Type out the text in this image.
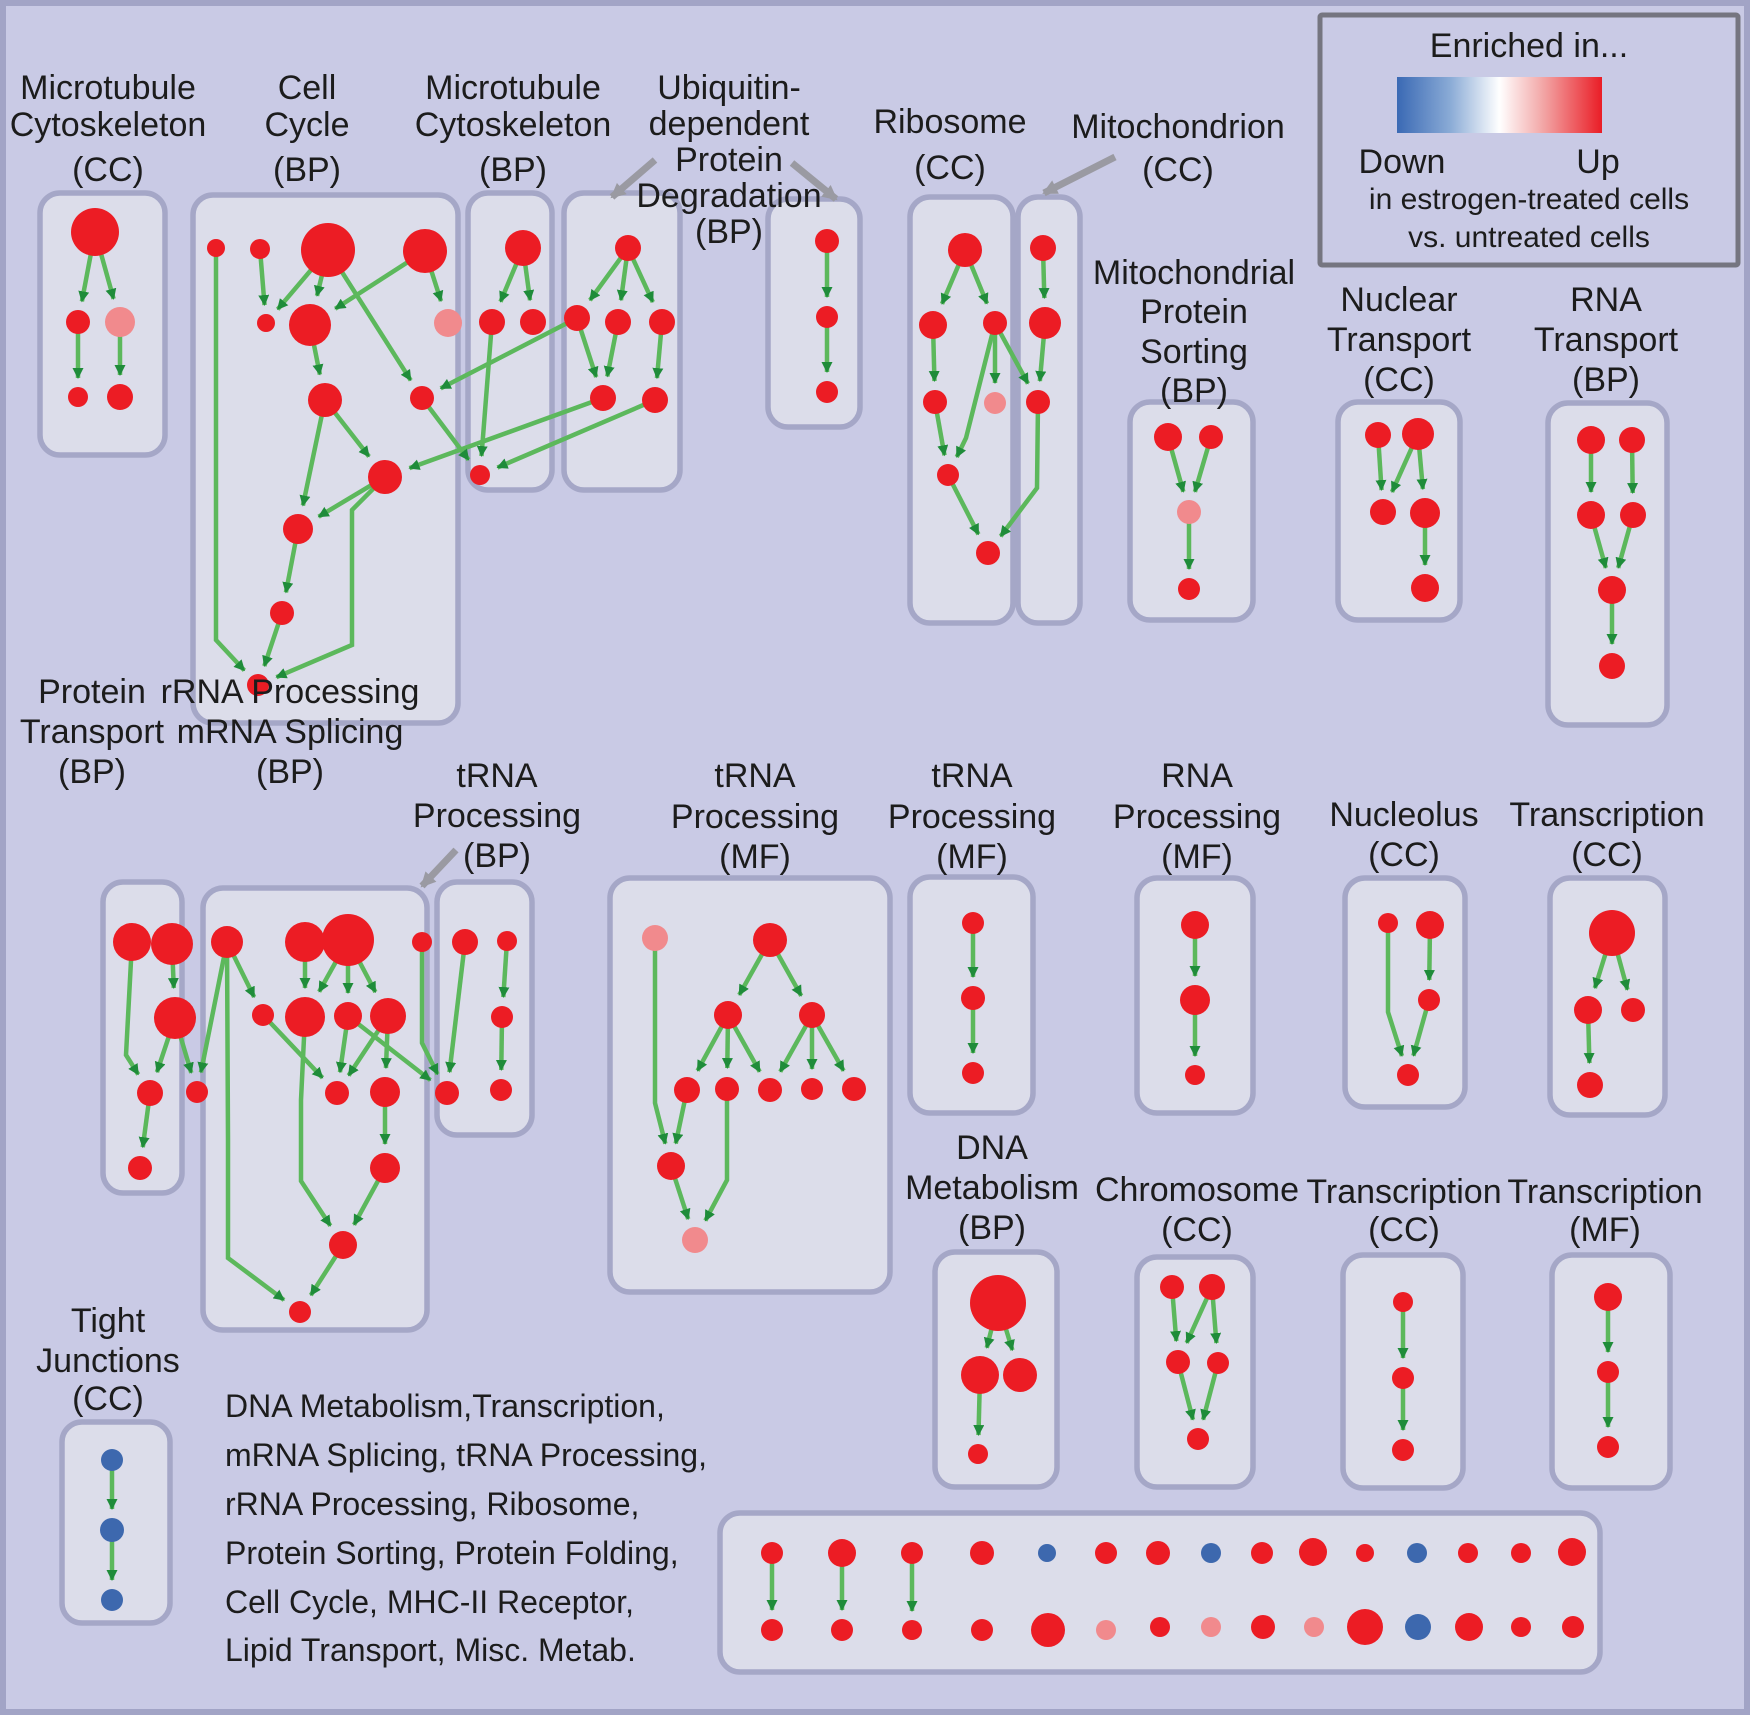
Microtubule
Cytoskeleton
(CC)
Cell
Cycle
(BP)
Microtubule
Cytoskeleton
(BP)
Ubiquitin-
dependent
Protein
Degradation
(BP)
Ribosome
(CC)
Mitochondrion
(CC)
Mitochondrial
Protein
Sorting
(BP)
Nuclear
Transport
(CC)
RNA
Transport
(BP)
Protein
Transport
(BP)
rRNA Processing
mRNA Splicing
(BP)	tRNA
Processing
(BP)
tRNA
Processing
(MF)
tRNA
Processing
(MF)
RNA
Processing
(MF)
Nucleolus
(CC)
Transcription
(CC)
DNA
Metabolism
(BP)
Chromosome
(CC)
Transcription
(CC)
Transcription
(MF)
Tight
Junctions
(CC)	DNA Metabolism,Transcription,
mRNA Splicing, tRNA Processing,
rRNA Processing, Ribosome,
Protein Sorting, Protein Folding,
Cell Cycle, MHC-II Receptor,
Lipid Transport, Misc. Metab.
Enriched in...
Down	Up
in estrogen-treated cells
vs. untreated cells
